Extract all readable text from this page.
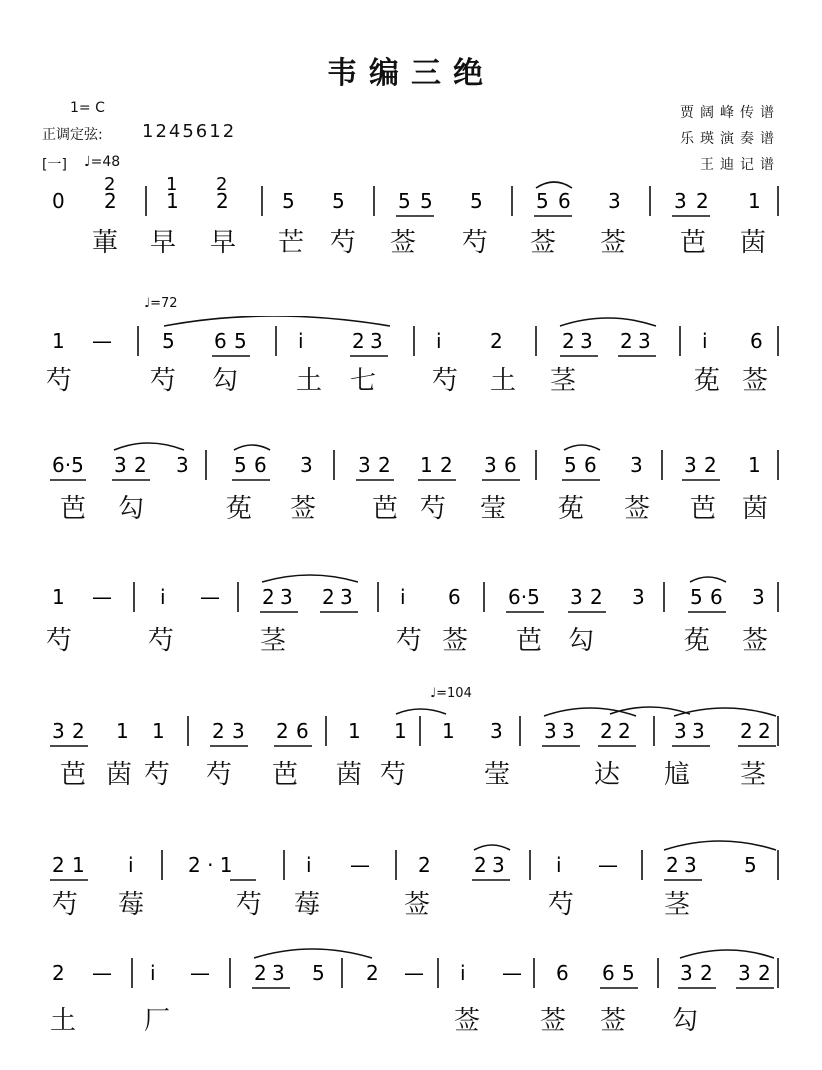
韦编三绝
1= C
正调定弦: 1245612
[一] ♩=48
贾阔峰传谱
乐瑛演奏谱
王迪记谱
♩=72
♩=104
0
2
2
1
1
2
2	5 5	5 5 5	5 6 3	3 2 1
莗 早 早 芒 芍 莶 芍 莶 莶 芭 茵
1 —	5 6 5	i 2 3	i 2	2 3 2 3	i 6
芍	芍 勾 土 七 芍 土 茎	莬 莶
6·5 3 2 3 5 6 3 3 2 1 2 3 6 5 6 3 3 2 1
芭 勾	莬 莶 芭 芍 莹 莬 莶 芭 茵
1 — i — 2 3 2 3 i 6 6·5 3 2 3 5 6 3
芍	芍	茎	芍 莶 芭 勾	莬 莶
3 2 1 1 2 3 2 6 1 1 1 3 3 3 2 2 3 3 2 2
芭 茵 芍 芍 芭 茵 芍	莹	达 訄 茎
2 1 i	2 · 1	i — 2 2 3	i — 2 3 5
芍 莓	芍 莓	莶	芍	茎
2 — i — 2 3 5 2 — i — 6 6 5 3 2 3 2
土	厂	莶 莶 莶 勾
